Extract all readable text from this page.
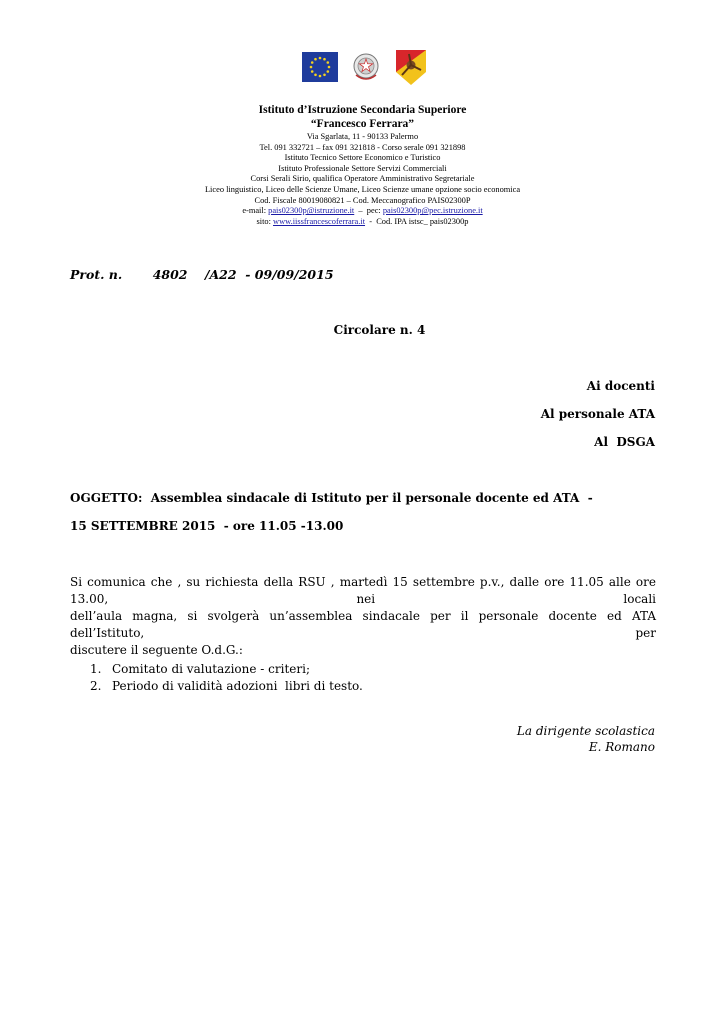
Istituto d’Istruzione Secondaria Superiore
“Francesco Ferrara”
Via Sgarlata, 11 - 90133 Palermo
Tel. 091 332721 – fax 091 321818 - Corso serale 091 321898
Istituto Tecnico Settore Economico e Turistico
Istituto Professionale Settore Servizi Commerciali
Corsi Serali Sirio, qualifica Operatore Amministrativo Segretariale
Liceo linguistico, Liceo delle Scienze Umane, Liceo Scienze umane opzione socio economica
Cod. Fiscale 80019080821 – Cod. Meccanografico PAIS02300P
e-mail: pais02300p@istruzione.it  –  pec: pais02300p@pec.istruzione.it
sito: www.iissfrancescoferrara.it  -  Cod. IPA istsc_ pais02300p
Prot. n.       4802    /A22  - 09/09/2015
Circolare n. 4
Ai docenti
Al personale ATA
Al  DSGA
OGGETTO:  Assemblea sindacale di Istituto per il personale docente ed ATA  -
15 SETTEMBRE 2015  - ore 11.05 -13.00
Si comunica che , su richiesta della RSU , martedì 15 settembre p.v., dalle ore 11.05 alle ore 13.00, nei locali
dell’aula magna, si svolgerà un’assemblea sindacale per il personale docente ed ATA dell’Istituto, per
discutere il seguente O.d.G.:
1. Comitato di valutazione - criteri;
2. Periodo di validità adozioni  libri di testo.
La dirigente scolastica
E. Romano
